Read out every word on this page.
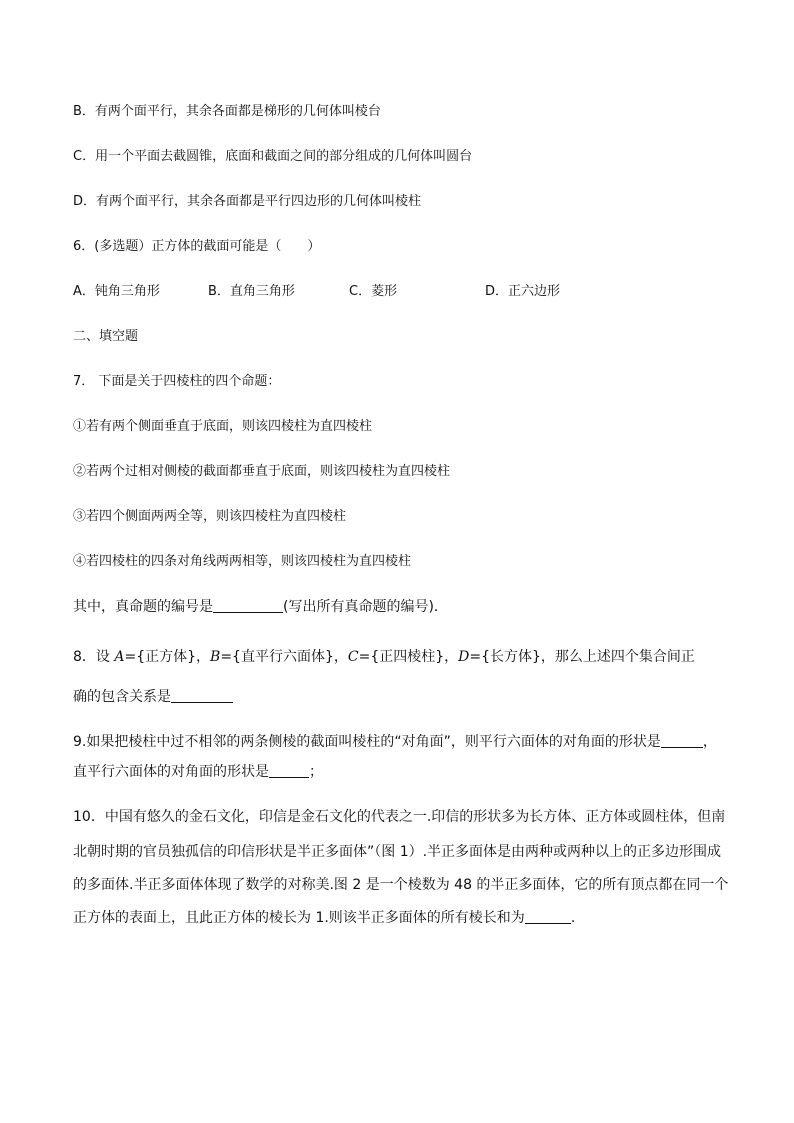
B．有两个面平行，其余各面都是梯形的几何体叫棱台
C．用一个平面去截圆锥，底面和截面之间的部分组成的几何体叫圆台
D．有两个面平行，其余各面都是平行四边形的几何体叫棱柱
6．(多选题）正方体的截面可能是（　　）
A．钝角三角形	B．直角三角形	C．菱形	D．正六边形
二、填空题
7． 下面是关于四棱柱的四个命题：
①若有两个侧面垂直于底面，则该四棱柱为直四棱柱
②若两个过相对侧棱的截面都垂直于底面，则该四棱柱为直四棱柱
③若四个侧面两两全等，则该四棱柱为直四棱柱
④若四棱柱的四条对角线两两相等，则该四棱柱为直四棱柱
其中，真命题的编号是	(写出所有真命题的编号)．
8．设 A={正方体}，B={直平行六面体}，C={正四棱柱}，D={长方体}，那么上述四个集合间正
确的包含关系是
9.如果把棱柱中过不相邻的两条侧棱的截面叫棱柱的“对角面”，则平行六面体的对角面的形状是	，
直平行六面体的对角面的形状是	；
10．中国有悠久的金石文化，印信是金石文化的代表之一.印信的形状多为长方体、正方体或圆柱体，但南
北朝时期的官员独孤信的印信形状是半正多面体”（图 1）.半正多面体是由两种或两种以上的正多边形围成
的多面体.半正多面体体现了数学的对称美.图 2 是一个棱数为 48 的半正多面体，它的所有顶点都在同一个
正方体的表面上，且此正方体的棱长为 1.则该半正多面体的所有棱长和为	.
